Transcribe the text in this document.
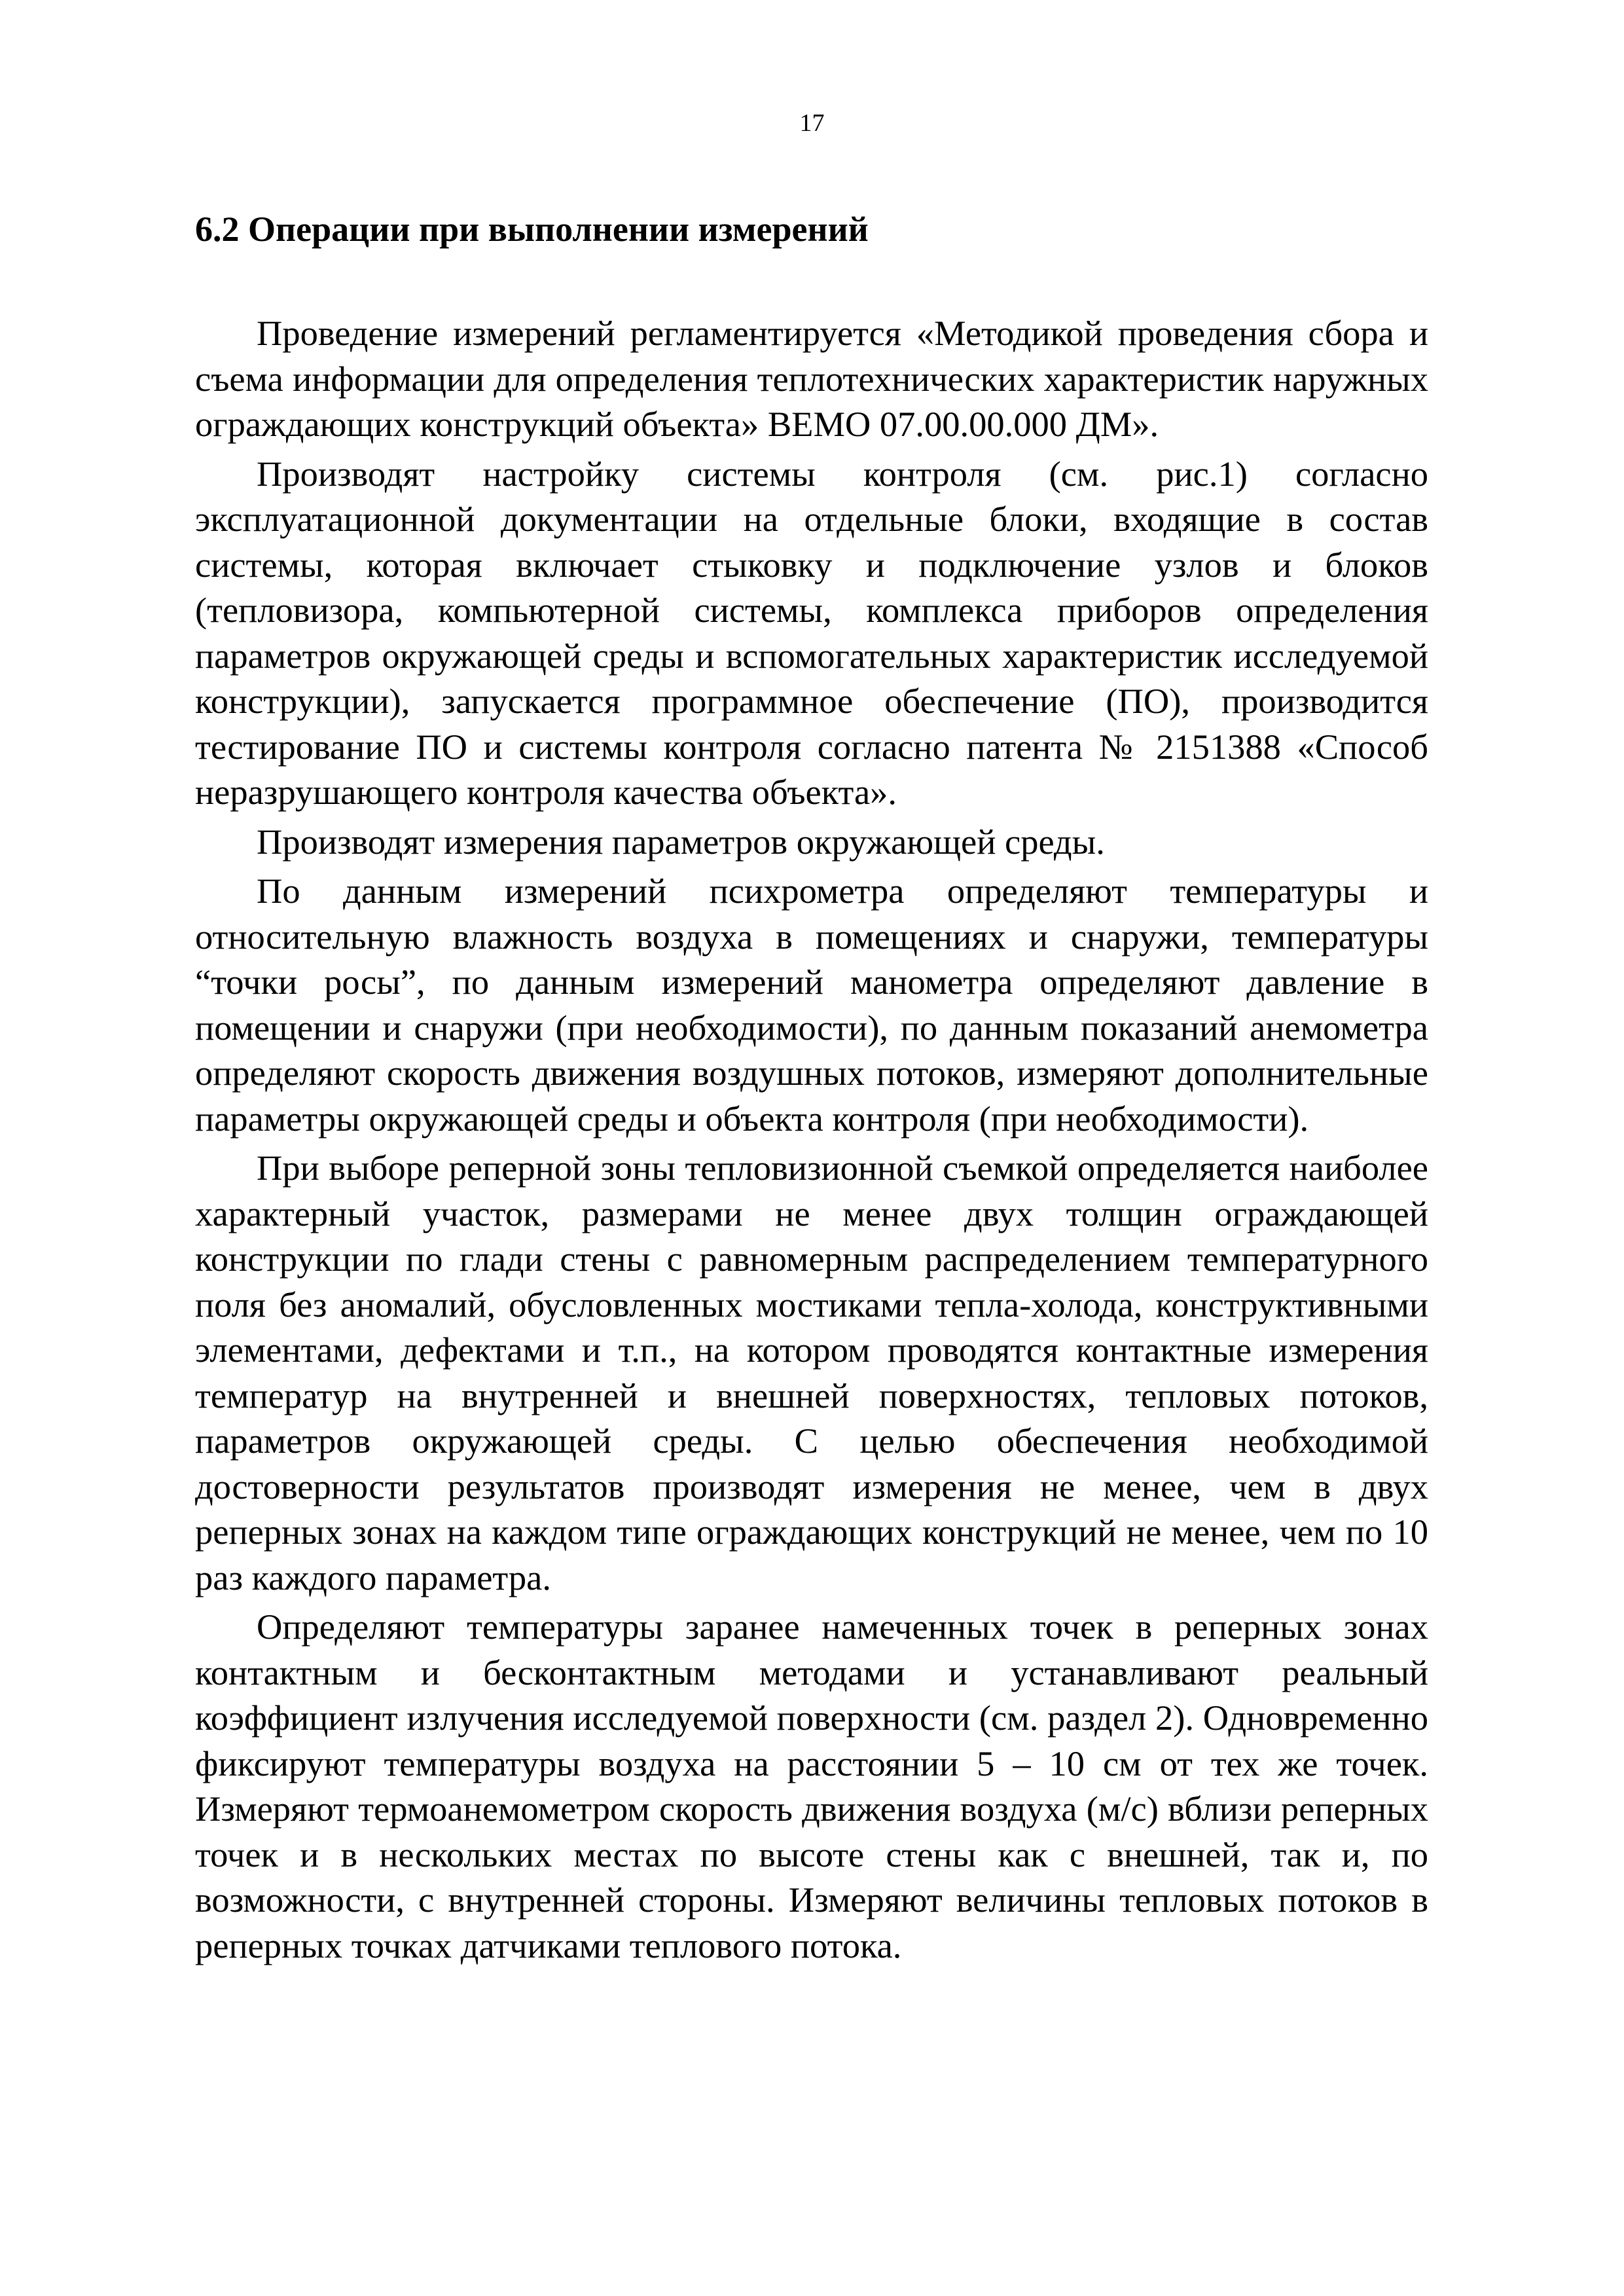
17
6.2 Операции при выполнении измерений

Проведение измерений регламентируется «Методикой проведения сбора и съема информации для определения теплотехнических характеристик наружных ограждающих конструкций объекта» ВЕМО 07.00.00.000 ДМ».

Производят настройку системы контроля (см. рис.1) согласно эксплуатационной документации на отдельные блоки, входящие в состав системы, которая включает стыковку и подключение узлов и блоков (тепловизора, компьютерной системы, комплекса приборов определения параметров окружающей среды и вспомогательных характеристик исследуемой конструкции), запускается программное обеспечение (ПО), производится тестирование ПО и системы контроля согласно патента № 2151388 «Способ неразрушающего контроля качества объекта».

Производят измерения параметров окружающей среды.

По данным измерений психрометра определяют температуры и относительную влажность воздуха в помещениях и снаружи, температуры “точки росы”, по данным измерений манометра определяют давление в помещении и снаружи (при необходимости), по данным показаний анемометра определяют скорость движения воздушных потоков, измеряют дополнительные параметры окружающей среды и объекта контроля (при необходимости).

При выборе реперной зоны тепловизионной съемкой определяется наиболее характерный участок, размерами не менее двух толщин ограждающей конструкции по глади стены с равномерным распределением температурного поля без аномалий, обусловленных мостиками тепла-холода, конструктивными элементами, дефектами и т.п., на котором проводятся контактные измерения температур на внутренней и внешней поверхностях, тепловых потоков, параметров окружающей среды. С целью обеспечения необходимой достоверности результатов производят измерения не менее, чем в двух реперных зонах на каждом типе ограждающих конструкций не менее, чем по 10 раз каждого параметра.

Определяют температуры заранее намеченных точек в реперных зонах контактным и бесконтактным методами и устанавливают реальный коэффициент излучения исследуемой поверхности (см. раздел 2). Одновременно фиксируют температуры воздуха на расстоянии 5 – 10 см от тех же точек. Измеряют термоанемометром скорость движения воздуха (м/с) вблизи реперных точек и в нескольких местах по высоте стены как с внешней, так и, по возможности, с внутренней стороны. Измеряют величины тепловых потоков в реперных точках датчиками теплового потока.
